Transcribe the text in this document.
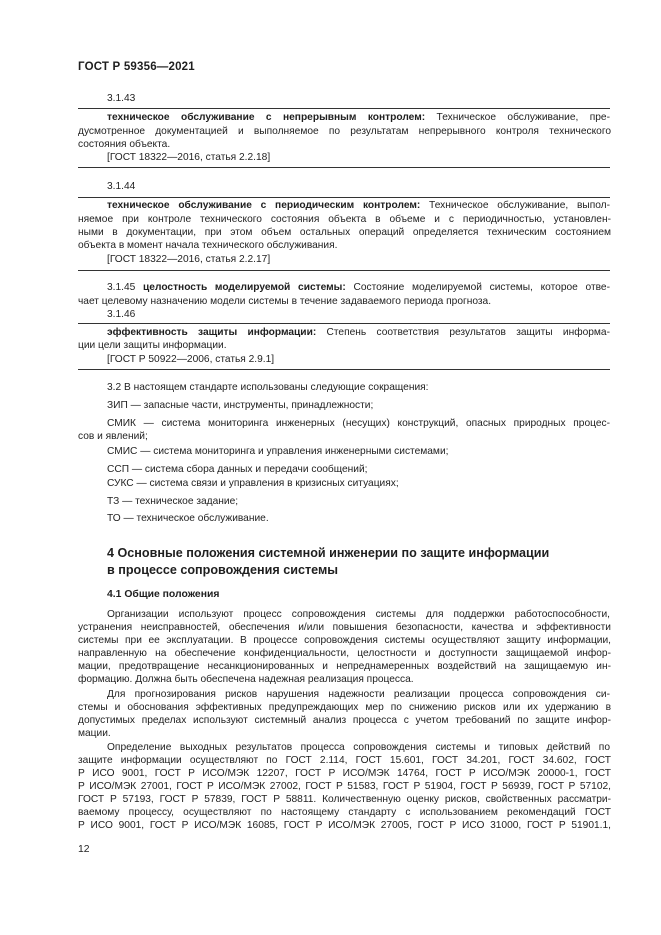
ГОСТ Р 59356—2021
3.1.43
техническое обслуживание с непрерывным контролем: Техническое обслуживание, пре-
дусмотренное документацией и выполняемое по результатам непрерывного контроля технического
состояния объекта.
[ГОСТ 18322—2016, статья 2.2.18]
3.1.44
техническое обслуживание с периодическим контролем: Техническое обслуживание, выпол-
няемое при контроле технического состояния объекта в объеме и с периодичностью, установлен-
ными в документации, при этом объем остальных операций определяется техническим состоянием
объекта в момент начала технического обслуживания.
[ГОСТ 18322—2016, статья 2.2.17]
3.1.45 целостность моделируемой системы: Состояние моделируемой системы, которое отве-
чает целевому назначению модели системы в течение задаваемого периода прогноза.
3.1.46
эффективность защиты информации: Степень соответствия результатов защиты информа-
ции цели защиты информации.
[ГОСТ Р 50922—2006, статья 2.9.1]
3.2 В настоящем стандарте использованы следующие сокращения:
ЗИП — запасные части, инструменты, принадлежности;
СМИК — система мониторинга инженерных (несущих) конструкций, опасных природных процес-
сов и явлений;
СМИС — система мониторинга и управления инженерными системами;
ССП — система сбора данных и передачи сообщений;
СУКС — система связи и управления в кризисных ситуациях;
ТЗ — техническое задание;
ТО — техническое обслуживание.
4 Основные положения системной инженерии по защите информации
в процессе сопровождения системы
4.1 Общие положения
Организации используют процесс сопровождения системы для поддержки работоспособности,
устранения неисправностей, обеспечения и/или повышения безопасности, качества и эффективности
системы при ее эксплуатации. В процессе сопровождения системы осуществляют защиту информации,
направленную на обеспечение конфиденциальности, целостности и доступности защищаемой инфор-
мации, предотвращение несанкционированных и непреднамеренных воздействий на защищаемую ин-
формацию. Должна быть обеспечена надежная реализация процесса.
Для прогнозирования рисков нарушения надежности реализации процесса сопровождения си-
стемы и обоснования эффективных предупреждающих мер по снижению рисков или их удержанию в
допустимых пределах используют системный анализ процесса с учетом требований по защите инфор-
мации.
Определение выходных результатов процесса сопровождения системы и типовых действий по
защите информации осуществляют по ГОСТ 2.114, ГОСТ 15.601, ГОСТ 34.201, ГОСТ 34.602, ГОСТ
Р ИСО 9001, ГОСТ Р ИСО/МЭК 12207, ГОСТ Р ИСО/МЭК 14764, ГОСТ Р ИСО/МЭК 20000-1, ГОСТ
Р ИСО/МЭК 27001, ГОСТ Р ИСО/МЭК 27002, ГОСТ Р 51583, ГОСТ Р 51904, ГОСТ Р 56939, ГОСТ Р 57102,
ГОСТ Р 57193, ГОСТ Р 57839, ГОСТ Р 58811. Количественную оценку рисков, свойственных рассматри-
ваемому процессу, осуществляют по настоящему стандарту с использованием рекомендаций ГОСТ
Р ИСО 9001, ГОСТ Р ИСО/МЭК 16085, ГОСТ Р ИСО/МЭК 27005, ГОСТ Р ИСО 31000, ГОСТ Р 51901.1,
12
